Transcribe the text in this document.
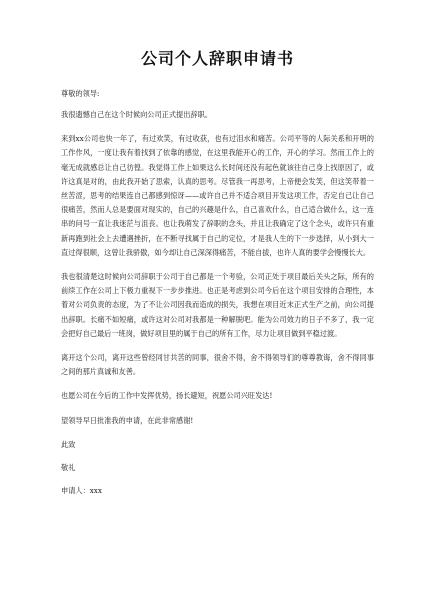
公司个人辞职申请书

尊敬的领导:

我很遗憾自己在这个时候向公司正式提出辞职。

来到xx公司也快一年了，有过欢笑，有过收获，也有过泪水和痛苦。公司平等的人际关系和开明的工作作风，一度让我有着找到了依靠的感觉，在这里我能开心的工作，开心的学习。然而工作上的毫无成就感总让自己彷徨。我觉得工作上如果这么长时间还没有起色就该往自己身上找原因了，或许这真是对的，由此我开始了思索，认真的思考。尽管我一再思考，上帝便会发笑，但这笑带着一丝苦涩，思考的结果连自己都感到惊讶——或许自己并不适合项目开发这项工作，否定自己让自己很痛苦，然而人总是要面对现实的，自己的兴趣是什么，自己喜欢什么，自己适合做什么，这一连串的问号一直让我迷茫与沮丧。也让我萌发了辞职的念头，并且让我确定了这个念头，或许只有重新再跑到社会上去遭遇挫折，在不断寻找属于自己的定位，才是我人生的下一步选择，从小到大一直过得很顺，这曾让我骄傲，如今却让自己深深得痛苦，不能自拔，也许人真的要学会慢慢长大。

我也很清楚这时候向公司辞职于公司于自己都是一个考验，公司正处于项目最后关头之际，所有的前续工作在公司上下极力重视下一步步推进。也正是考虑到公司今后在这个项目安排的合理性，本着对公司负责的态度，为了不让公司因我而造成的损失，我想在项目近末正式生产之前，向公司提出辞职。长痛不如短痛，或许这对公司对我都是一种解脱吧。能为公司效力的日子不多了，我一定会把好自己最后一班岗，做好项目里的属于自己的所有工作，尽力让项目做到平稳过渡。

离开这个公司，离开这些曾经同甘共苦的同事，很舍不得，舍不得领导们的尊尊教诲，舍不得同事之间的那片真诚和友善。

也愿公司在今后的工作中发挥优势，扬长避短，祝愿公司兴旺发达!

望领导早日批准我的申请，在此非常感谢!

此致

敬礼

申请人：xxx
